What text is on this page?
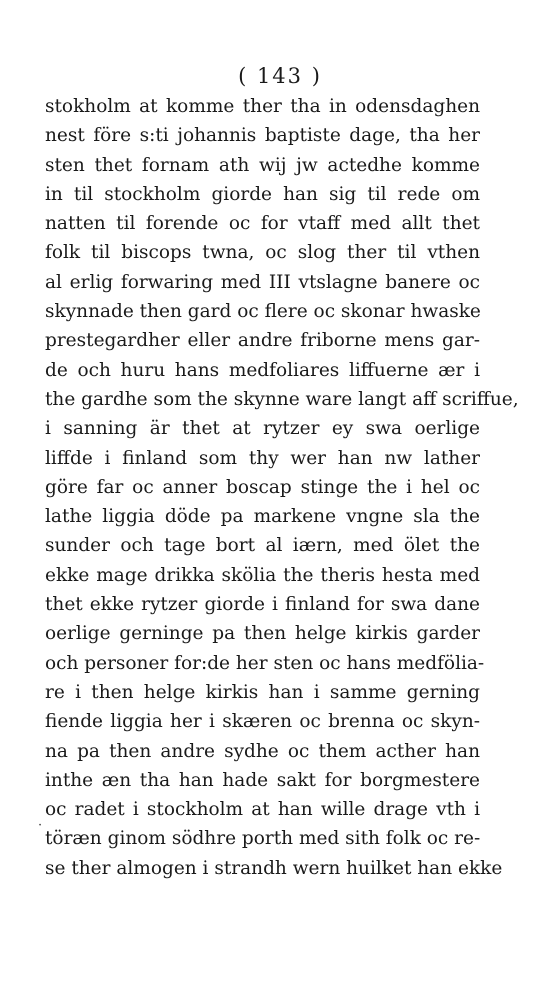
( 143 )
stokholm at komme ther tha in odensdaghen
nest före s:ti johannis baptiste dage, tha her
sten thet fornam ath wij jw actedhe komme
in til stockholm giorde han sig til rede om
natten til forende oc for vtaff med allt thet
folk til biscops twna, oc slog ther til vthen
al erlig forwaring med III vtslagne banere oc
skynnade then gard oc flere oc skonar hwaske
prestegardher eller andre friborne mens gar-
de och huru hans medfoliares liffuerne ær i
the gardhe som the skynne ware langt aff scriffue,
i sanning är thet at rytzer ey swa oerlige
liffde i finland som thy wer han nw lather
göre far oc anner boscap stinge the i hel oc
lathe liggia döde pa markene vngne sla the
sunder och tage bort al iærn, med ölet the
ekke mage drikka skölia the theris hesta med
thet ekke rytzer giorde i finland for swa dane
oerlige gerninge pa then helge kirkis garder
och personer for:de her sten oc hans medfölia-
re i then helge kirkis han i samme gerning
fiende liggia her i skæren oc brenna oc skyn-
na pa then andre sydhe oc them acther han
inthe æn tha han hade sakt for borgmestere
oc radet i stockholm at han wille drage vth i
töræn ginom södhre porth med sith folk oc re-
se ther almogen i strandh wern huilket han ekke
·
